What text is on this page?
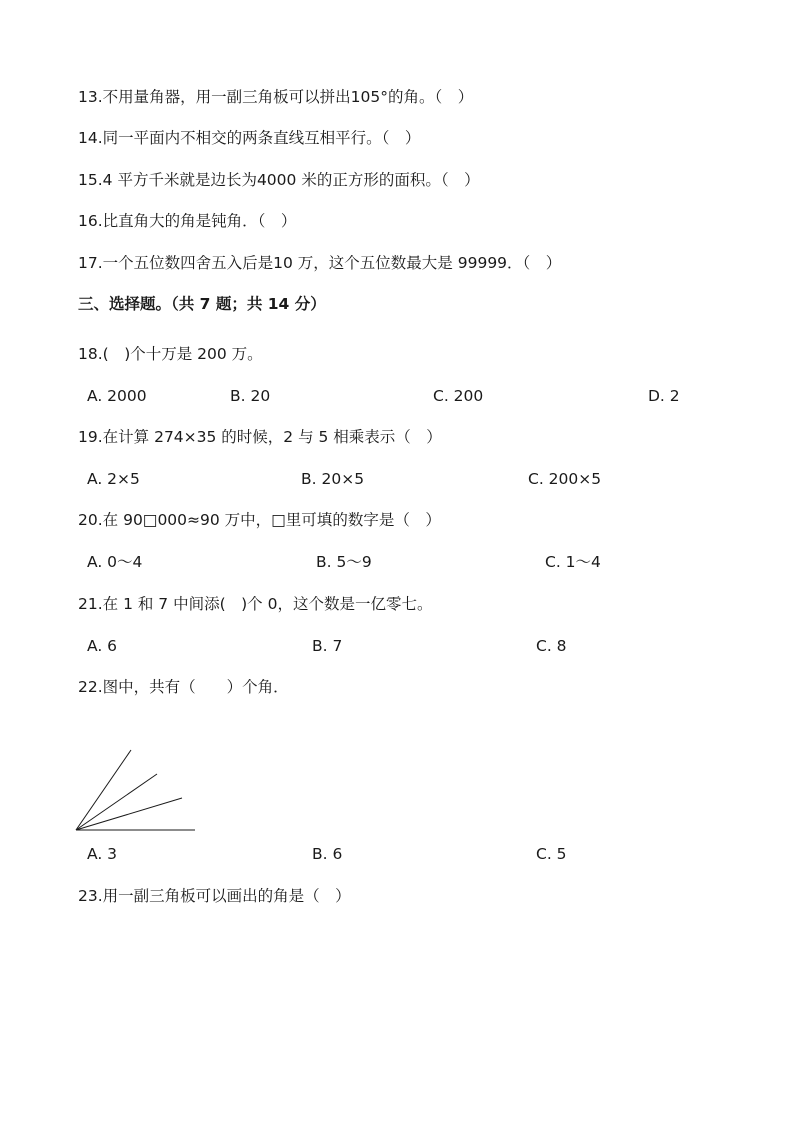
13.不用量角器，用一副三角板可以拼出105°的角。（　）
14.同一平面内不相交的两条直线互相平行。（　）
15.4 平方千米就是边长为4000 米的正方形的面积。（　）
16.比直角大的角是钝角．（　）
17.一个五位数四舍五入后是10 万，这个五位数最大是 99999．（　）
三、选择题。（共 7 题；共 14 分）
18.(　)个十万是 200 万。
A. 2000	B. 20	C. 200	D. 2
19.在计算 274×35 的时候，2 与 5 相乘表示（　）
A. 2×5	B. 20×5	C. 200×5
20.在 90□000≈90 万中，□里可填的数字是（　）
A. 0～4	B. 5～9	C. 1～4
21.在 1 和 7 中间添(　)个 0，这个数是一亿零七。
A. 6	B. 7	C. 8
22.图中，共有（　　）个角．
A. 3	B. 6	C. 5
23.用一副三角板可以画出的角是（　）
